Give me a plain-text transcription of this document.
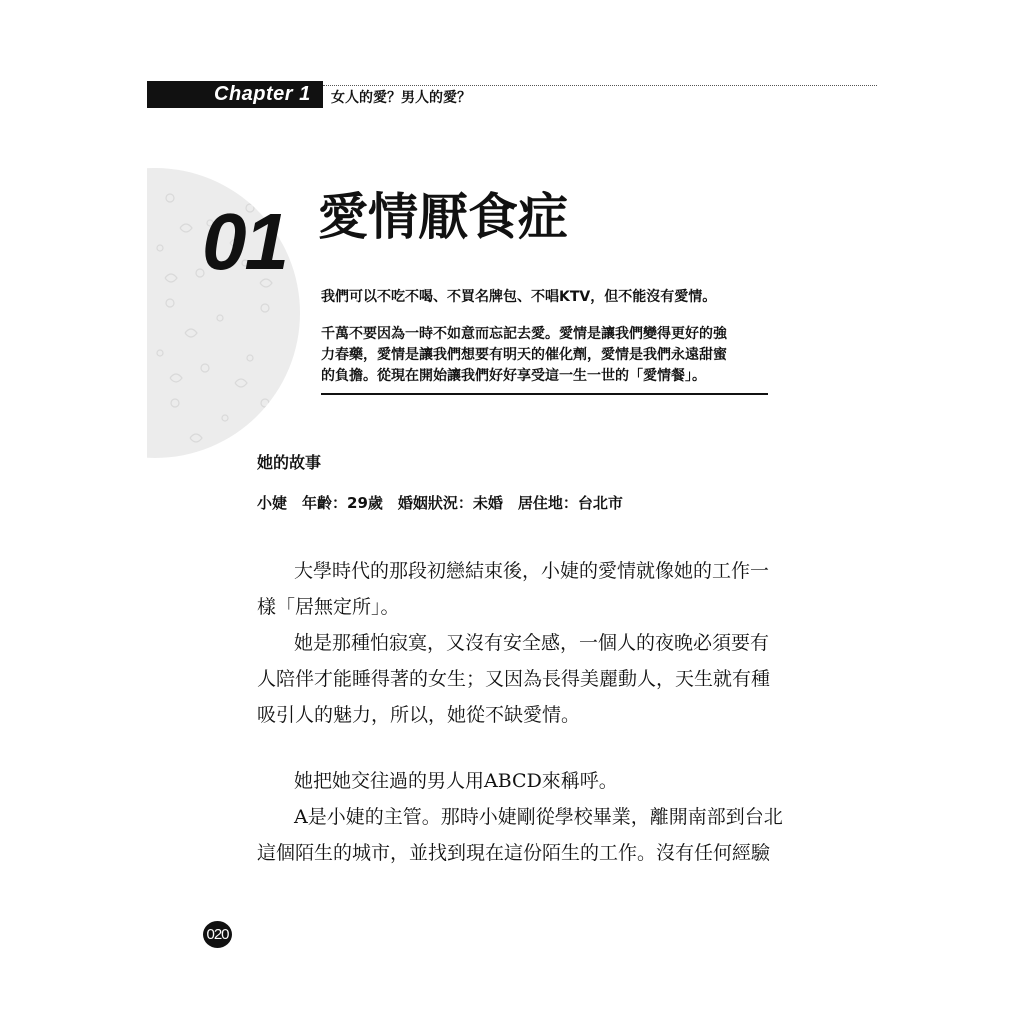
Chapter 1 女人的愛？男人的愛？
01 愛情厭食症
我們可以不吃不喝、不買名牌包、不唱KTV，但不能沒有愛情。
千萬不要因為一時不如意而忘記去愛。愛情是讓我們變得更好的強
力春藥，愛情是讓我們想要有明天的催化劑，愛情是我們永遠甜蜜
的負擔。從現在開始讓我們好好享受這一生一世的「愛情餐」。
她的故事
小婕　年齡：29歲　婚姻狀況：未婚　居住地：台北市
大學時代的那段初戀結束後，小婕的愛情就像她的工作一
樣「居無定所」。
她是那種怕寂寞，又沒有安全感，一個人的夜晚必須要有
人陪伴才能睡得著的女生；又因為長得美麗動人，天生就有種
吸引人的魅力，所以，她從不缺愛情。
她把她交往過的男人用ABCD來稱呼。
A是小婕的主管。那時小婕剛從學校畢業，離開南部到台北
這個陌生的城市，並找到現在這份陌生的工作。沒有任何經驗
020
